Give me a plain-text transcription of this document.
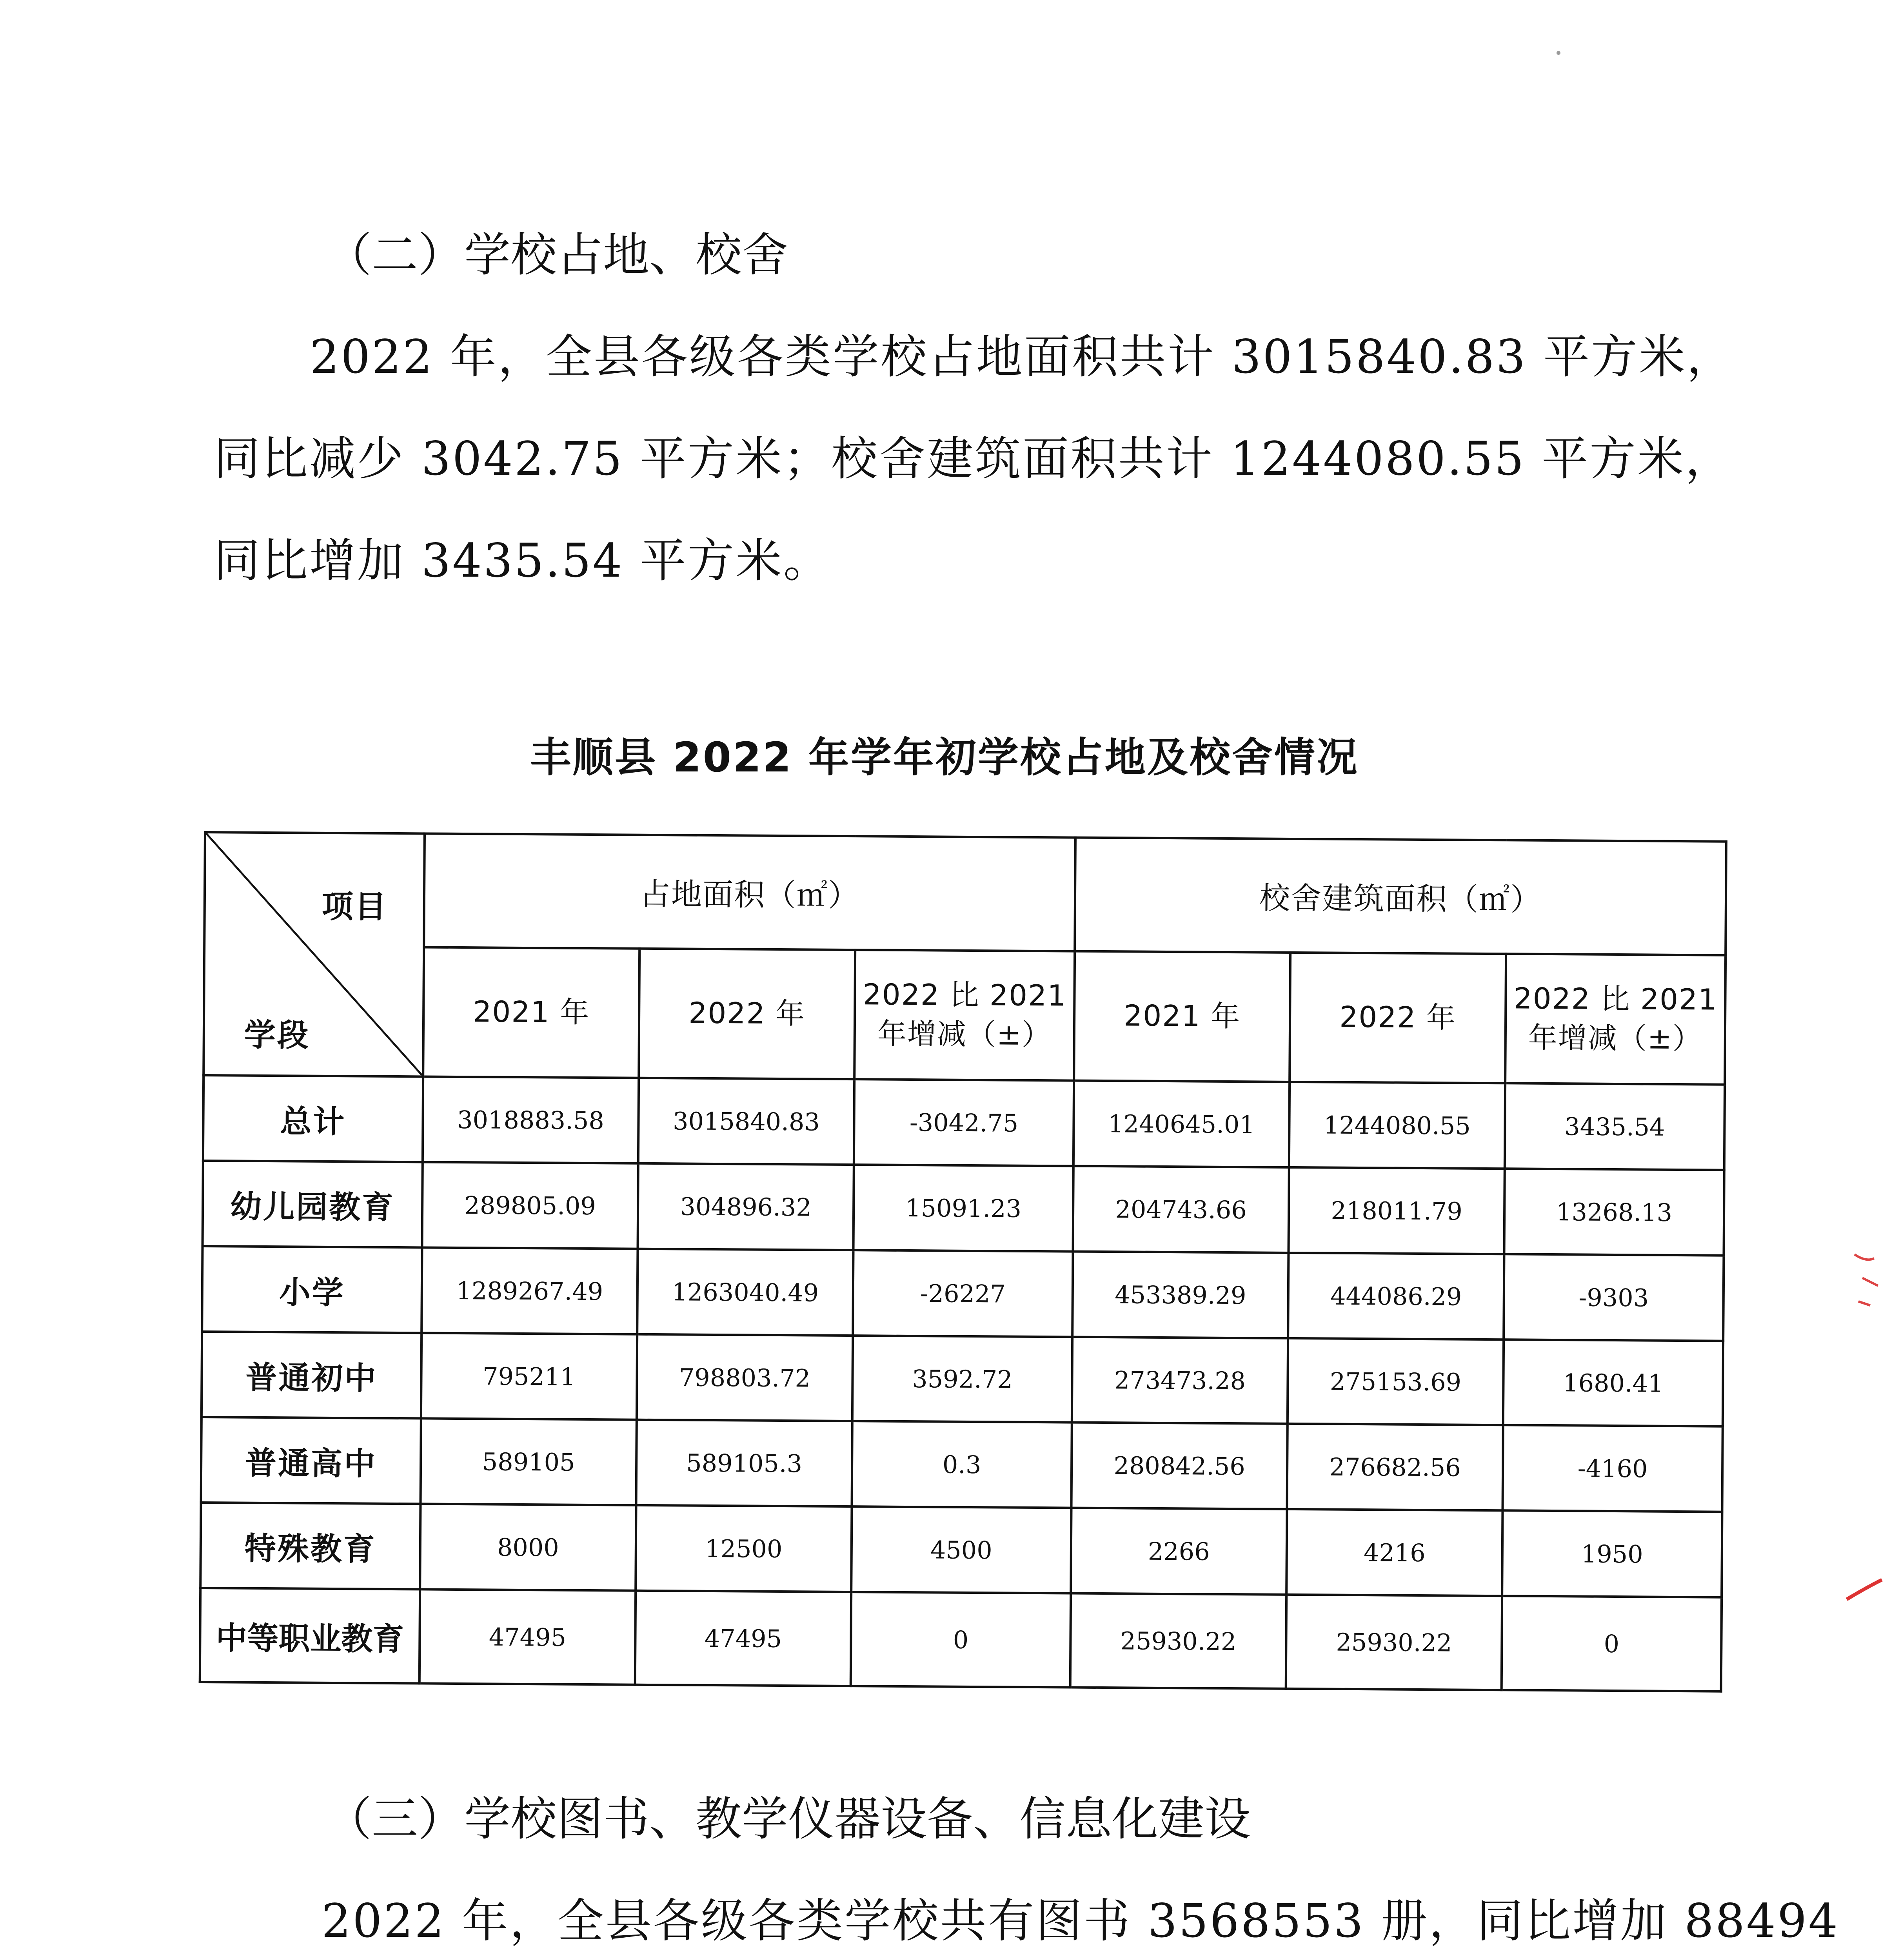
（二）学校占地、校舍
2022 年，全县各级各类学校占地面积共计 3015840.83 平方米，
同比减少 3042.75 平方米；校舍建筑面积共计 1244080.55 平方米，
同比增加 3435.54 平方米。
丰顺县 2022 年学年初学校占地及校舍情况
项目
学段	占地面积（㎡）			校舍建筑面积（㎡）		
	2021 年	2022 年	2022 比 2021 年增减（±）	2021 年	2022 年	2022 比 2021 年增减（±）
总计	3018883.58	3015840.83	-3042.75	1240645.01	1244080.55	3435.54
幼儿园教育	289805.09	304896.32	15091.23	204743.66	218011.79	13268.13
小学	1289267.49	1263040.49	-26227	453389.29	444086.29	-9303
普通初中	795211	798803.72	3592.72	273473.28	275153.69	1680.41
普通高中	589105	589105.3	0.3	280842.56	276682.56	-4160
特殊教育	8000	12500	4500	2266	4216	1950
中等职业教育	47495	47495	0	25930.22	25930.22	0
（三）学校图书、教学仪器设备、信息化建设
2022 年，全县各级各类学校共有图书 3568553 册，同比增加 88494
